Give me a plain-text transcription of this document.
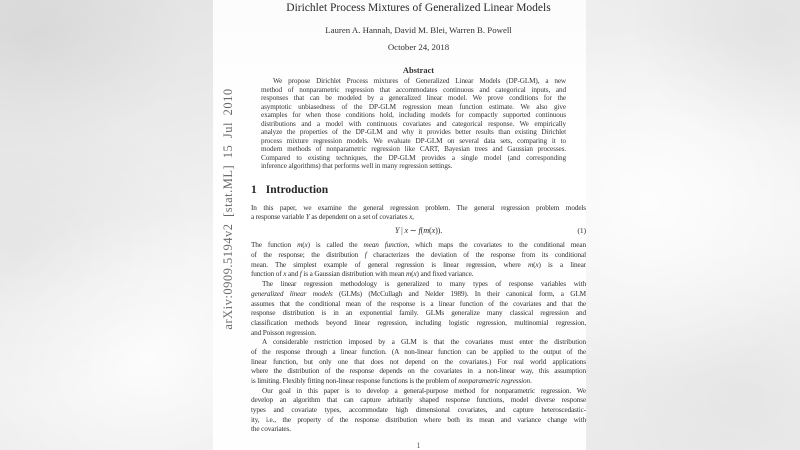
Dirichlet Process Mixtures of Generalized Linear Models
Lauren A. Hannah, David M. Blei, Warren B. Powell
October 24, 2018
Abstract
We propose Dirichlet Process mixtures of Generalized Linear Models (DP-GLM), a new
method of nonparametric regression that accommodates continuous and categorical inputs, and
responses that can be modeled by a generalized linear model. We prove conditions for the
asymptotic unbiasedness of the DP-GLM regression mean function estimate. We also give
examples for when those conditions hold, including models for compactly supported continuous
distributions and a model with continuous covariates and categorical response. We empirically
analyze the properties of the DP-GLM and why it provides better results than existing Dirichlet
process mixture regression models. We evaluate DP-GLM on several data sets, comparing it to
modern methods of nonparametric regression like CART, Bayesian trees and Gaussian processes.
Compared to existing techniques, the DP-GLM provides a single model (and corresponding
inference algorithms) that performs well in many regression settings.
1 Introduction
In this paper, we examine the general regression problem. The general regression problem models
a response variable Y as dependent on a set of covariates x,
Y | x ∼ f(m(x)).	(1)
The function m(x) is called the mean function, which maps the covariates to the conditional mean
of the response; the distribution f characterizes the deviation of the response from its conditional
mean. The simplest example of general regression is linear regression, where m(x) is a linear
function of x and f is a Gaussian distribution with mean m(x) and fixed variance.
The linear regression methodology is generalized to many types of response variables with
generalized linear models (GLMs) (McCullagh and Nelder 1989). In their canonical form, a GLM
assumes that the conditional mean of the response is a linear function of the covariates and that the
response distribution is in an exponential family. GLMs generalize many classical regression and
classification methods beyond linear regression, including logistic regression, multinomial regression,
and Poisson regression.
A considerable restriction imposed by a GLM is that the covariates must enter the distribution
of the response through a linear function. (A non-linear function can be applied to the output of the
linear function, but only one that does not depend on the covariates.) For real world applications
where the distribution of the response depends on the covariates in a non-linear way, this assumption
is limiting. Flexibly fitting non-linear response functions is the problem of nonparametric regression.
Our goal in this paper is to develop a general-purpose method for nonparametric regression. We
develop an algorithm that can capture arbitarily shaped response functions, model diverse response
types and covariate types, accommodate high dimensional covariates, and capture heteroscedastic-
ity, i.e., the property of the response distribution where both its mean and variance change with
the covariates.
1
arXiv:0909.5194v2 [stat.ML] 15 Jul 2010
